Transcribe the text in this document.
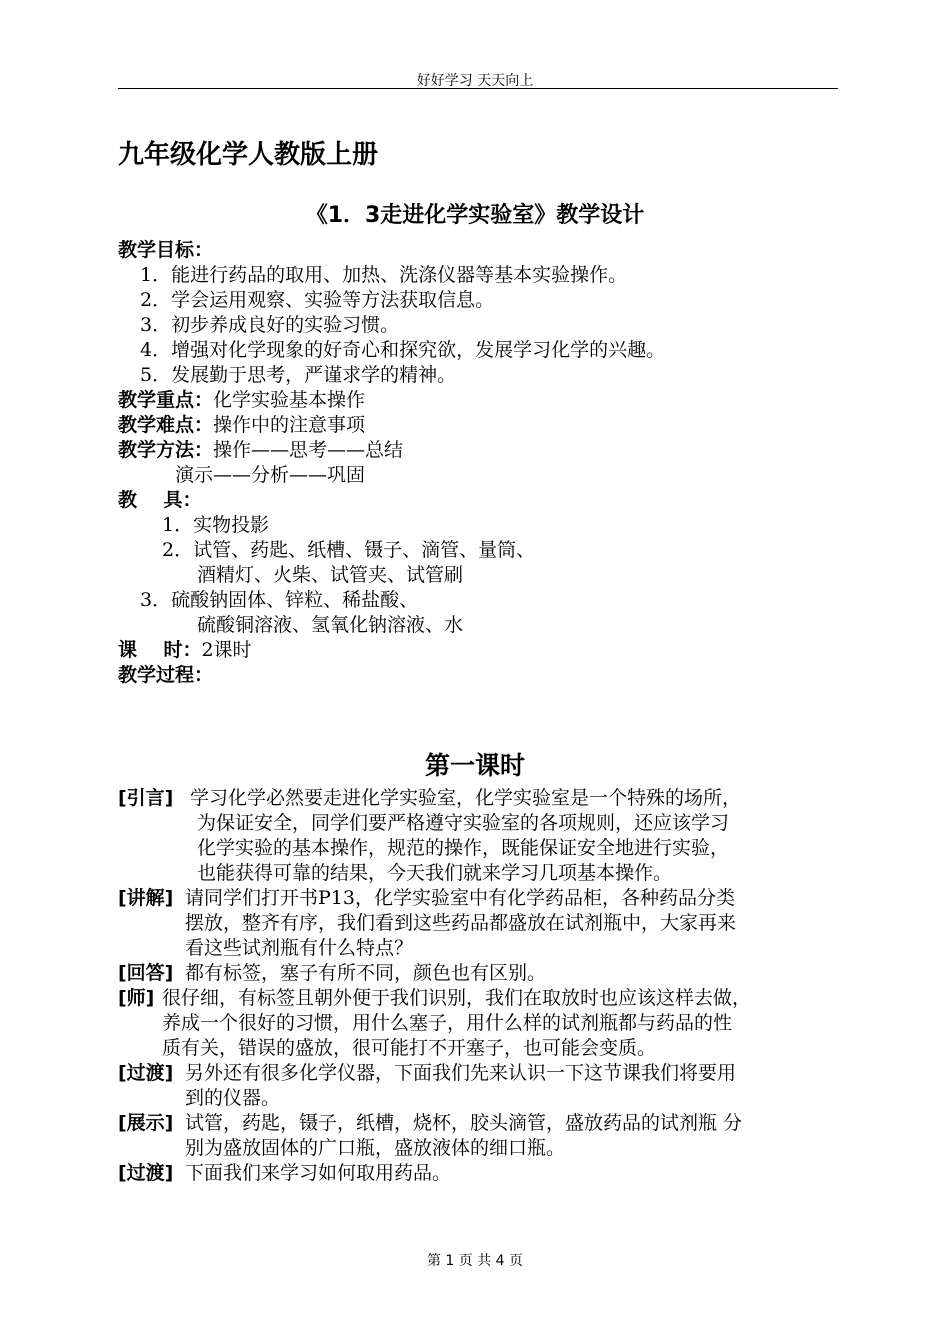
好好学习 天天向上
九年级化学人教版上册
《1．3走进化学实验室》教学设计
教学目标：
1．能进行药品的取用、加热、洗涤仪器等基本实验操作。
2．学会运用观察、实验等方法获取信息。
3．初步养成良好的实验习惯。
4．增强对化学现象的好奇心和探究欲，发展学习化学的兴趣。
5．发展勤于思考，严谨求学的精神。
教学重点：化学实验基本操作
教学难点：操作中的注意事项
教学方法：操作——思考——总结
演示——分析——巩固
教    具：
1．实物投影
2．试管、药匙、纸槽、镊子、滴管、量筒、
酒精灯、火柴、试管夹、试管刷
3．硫酸钠固体、锌粒、稀盐酸、
硫酸铜溶液、氢氧化钠溶液、水
课    时：2课时
教学过程：
第一课时
[引言] 学习化学必然要走进化学实验室，化学实验室是一个特殊的场所，
为保证安全，同学们要严格遵守实验室的各项规则，还应该学习
化学实验的基本操作，规范的操作，既能保证安全地进行实验，
也能获得可靠的结果，今天我们就来学习几项基本操作。
[讲解] 请同学们打开书P13，化学实验室中有化学药品柜，各种药品分类
摆放，整齐有序，我们看到这些药品都盛放在试剂瓶中，大家再来
看这些试剂瓶有什么特点？
[回答] 都有标签，塞子有所不同，颜色也有区别。
[师] 很仔细，有标签且朝外便于我们识别，我们在取放时也应该这样去做，
养成一个很好的习惯，用什么塞子，用什么样的试剂瓶都与药品的性
质有关，错误的盛放，很可能打不开塞子，也可能会变质。
[过渡] 另外还有很多化学仪器，下面我们先来认识一下这节课我们将要用
到的仪器。
[展示] 试管，药匙，镊子，纸槽，烧杯，胶头滴管，盛放药品的试剂瓶 分
别为盛放固体的广口瓶，盛放液体的细口瓶。
[过渡] 下面我们来学习如何取用药品。
第 1 页 共 4 页
